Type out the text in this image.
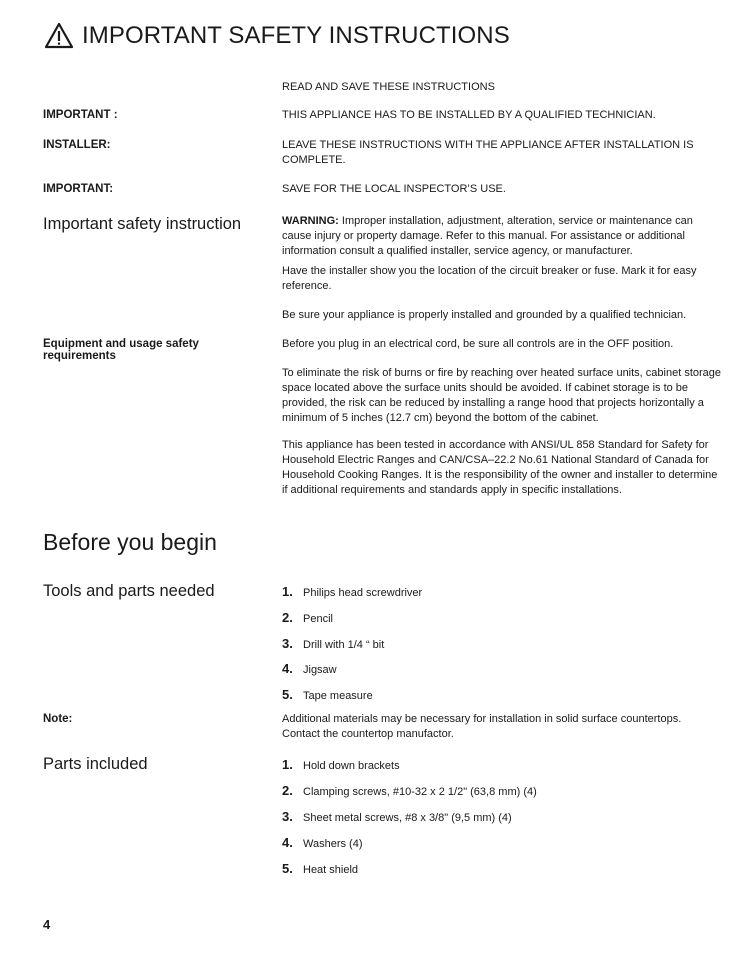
IMPORTANT SAFETY INSTRUCTIONS
READ AND SAVE THESE INSTRUCTIONS
IMPORTANT :	THIS APPLIANCE HAS TO BE INSTALLED BY A QUALIFIED TECHNICIAN.
INSTALLER:	LEAVE THESE INSTRUCTIONS WITH THE APPLIANCE AFTER INSTALLATION IS COMPLETE.
IMPORTANT:	SAVE FOR THE LOCAL INSPECTOR’S USE.
Important safety instruction	WARNING: Improper installation, adjustment, alteration, service or maintenance can cause injury or property damage. Refer to this manual. For assistance or additional information consult a qualified installer, service agency, or manufacturer.
Have the installer show you the location of the circuit breaker or fuse. Mark it for easy reference.
Be sure your appliance is properly installed and grounded by a qualified technician.
Equipment and usage safety requirements
Before you plug in an electrical cord, be sure all controls are in the OFF position.
To eliminate the risk of burns or fire by reaching over heated surface units, cabinet storage space located above the surface units should be avoided. If cabinet storage is to be provided, the risk can be reduced by installing a range hood that projects horizontally a minimum of 5 inches (12.7 cm) beyond the bottom of the cabinet.
This appliance has been tested in accordance with ANSI/UL 858 Standard for Safety for Household Electric Ranges and CAN/CSA–22.2 No.61 National Standard of Canada for Household Cooking Ranges. It is the responsibility of the owner and installer to determine if additional requirements and standards apply in specific installations.
Before you begin
Tools and parts needed	1. Philips head screwdriver
2. Pencil
3. Drill with 1/4 “ bit
4. Jigsaw
5. Tape measure
Note:	Additional materials may be necessary for installation in solid surface countertops. Contact the countertop manufactor.
Parts included	1. Hold down brackets
2. Clamping screws, #10-32 x 2 1/2" (63,8 mm) (4)
3. Sheet metal screws, #8 x 3/8" (9,5 mm) (4)
4. Washers (4)
5. Heat shield
4
